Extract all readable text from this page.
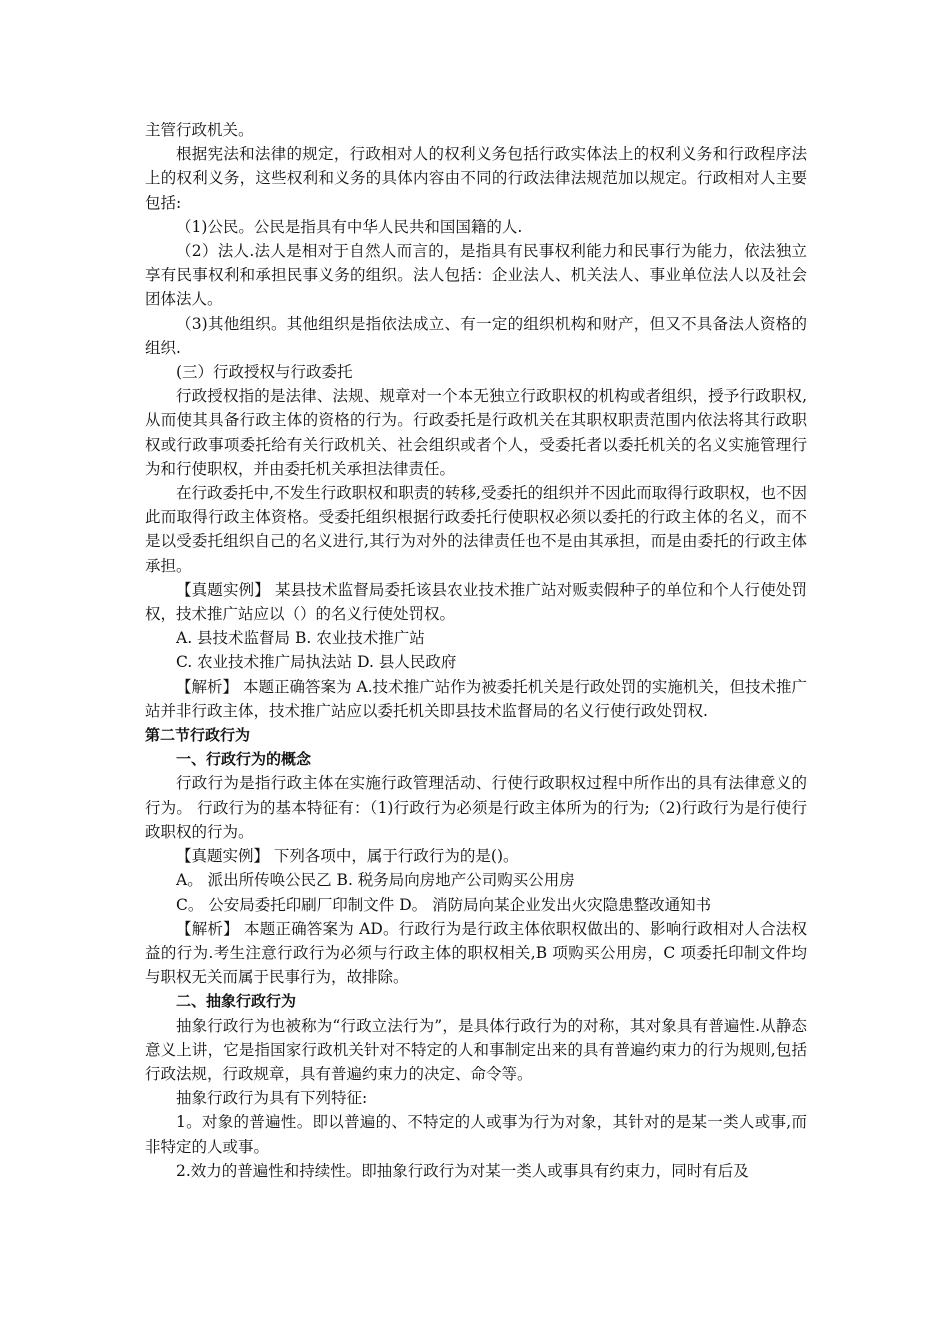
主管行政机关。

根据宪法和法律的规定，行政相对人的权利义务包括行政实体法上的权利义务和行政程序法上的权利义务，这些权利和义务的具体内容由不同的行政法律法规范加以规定。行政相对人主要包括:

（1)公民。公民是指具有中华人民共和国国籍的人.

（2）法人.法人是相对于自然人而言的，是指具有民事权利能力和民事行为能力，依法独立享有民事权利和承担民事义务的组织。法人包括：企业法人、机关法人、事业单位法人以及社会团体法人。

（3)其他组织。其他组织是指依法成立、有一定的组织机构和财产，但又不具备法人资格的组织.

(三）行政授权与行政委托

行政授权指的是法律、法规、规章对一个本无独立行政职权的机构或者组织，授予行政职权,从而使其具备行政主体的资格的行为。行政委托是行政机关在其职权职责范围内依法将其行政职权或行政事项委托给有关行政机关、社会组织或者个人，受委托者以委托机关的名义实施管理行为和行使职权，并由委托机关承担法律责任。

在行政委托中,不发生行政职权和职责的转移,受委托的组织并不因此而取得行政职权，也不因此而取得行政主体资格。受委托组织根据行政委托行使职权必须以委托的行政主体的名义，而不是以受委托组织自己的名义进行,其行为对外的法律责任也不是由其承担，而是由委托的行政主体承担。

【真题实例】 某县技术监督局委托该县农业技术推广站对贩卖假种子的单位和个人行使处罚权，技术推广站应以（）的名义行使处罚权。

A. 县技术监督局 B. 农业技术推广站

C. 农业技术推广局执法站 D. 县人民政府

【解析】 本题正确答案为 A.技术推广站作为被委托机关是行政处罚的实施机关，但技术推广站并非行政主体，技术推广站应以委托机关即县技术监督局的名义行使行政处罚权.

第二节行政行为

一、行政行为的概念

行政行为是指行政主体在实施行政管理活动、行使行政职权过程中所作出的具有法律意义的行为。 行政行为的基本特征有：（1)行政行为必须是行政主体所为的行为;（2)行政行为是行使行政职权的行为。

【真题实例】 下列各项中，属于行政行为的是()。

A。 派出所传唤公民乙 B. 税务局向房地产公司购买公用房

C。 公安局委托印刷厂印制文件 D。 消防局向某企业发出火灾隐患整改通知书

【解析】 本题正确答案为 AD。行政行为是行政主体依职权做出的、影响行政相对人合法权益的行为.考生注意行政行为必须与行政主体的职权相关,B 项购买公用房，C 项委托印制文件均与职权无关而属于民事行为，故排除。

二、抽象行政行为

抽象行政行为也被称为“行政立法行为”，是具体行政行为的对称，其对象具有普遍性.从静态意义上讲，它是指国家行政机关针对不特定的人和事制定出来的具有普遍约束力的行为规则,包括行政法规，行政规章，具有普遍约束力的决定、命令等。

抽象行政行为具有下列特征:

1。对象的普遍性。即以普遍的、不特定的人或事为行为对象，其针对的是某一类人或事,而非特定的人或事。

2.效力的普遍性和持续性。即抽象行政行为对某一类人或事具有约束力，同时有后及
